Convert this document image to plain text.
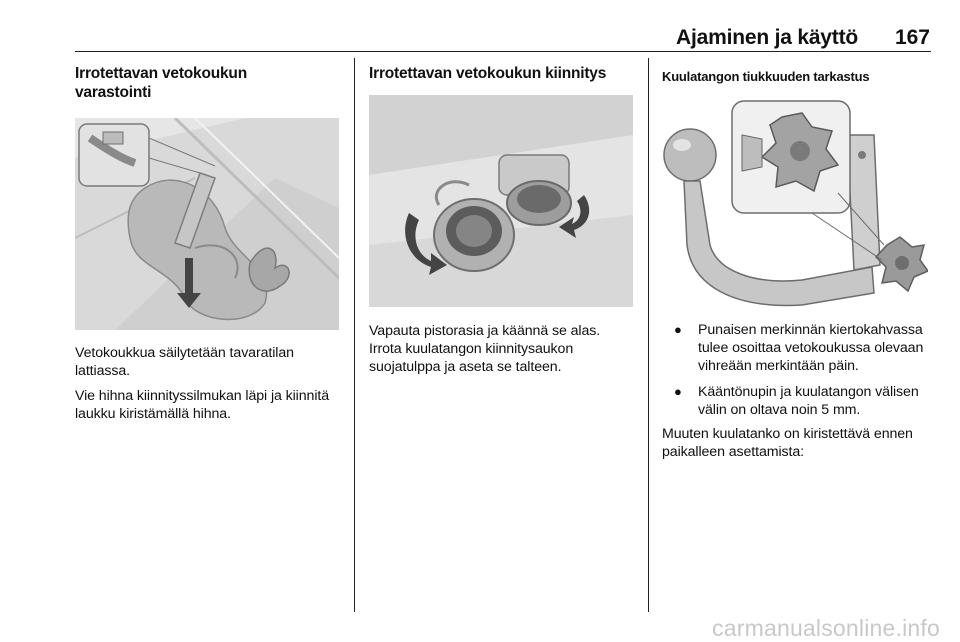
Ajaminen ja käyttö	167
Irrotettavan vetokoukun varastointi

Vetokoukkua säilytetään tavaratilan lattiassa.

Vie hihna kiinnityssilmukan läpi ja kiinnitä laukku kiristämällä hihna.

Irrotettavan vetokoukun kiinnitys

Vapauta pistorasia ja käännä se alas. Irrota kuulatangon kiinnitysaukon suojatulppa ja aseta se talteen.

Kuulatangon tiukkuuden tarkastus
● Punaisen merkinnän kiertokahvassa tulee osoittaa vetokoukussa olevaan vihreään merkintään päin.
● Kääntönupin ja kuulatangon välisen välin on oltava noin 5 mm.

Muuten kuulatanko on kiristettävä ennen paikalleen asettamista:

carmanualsonline.info
